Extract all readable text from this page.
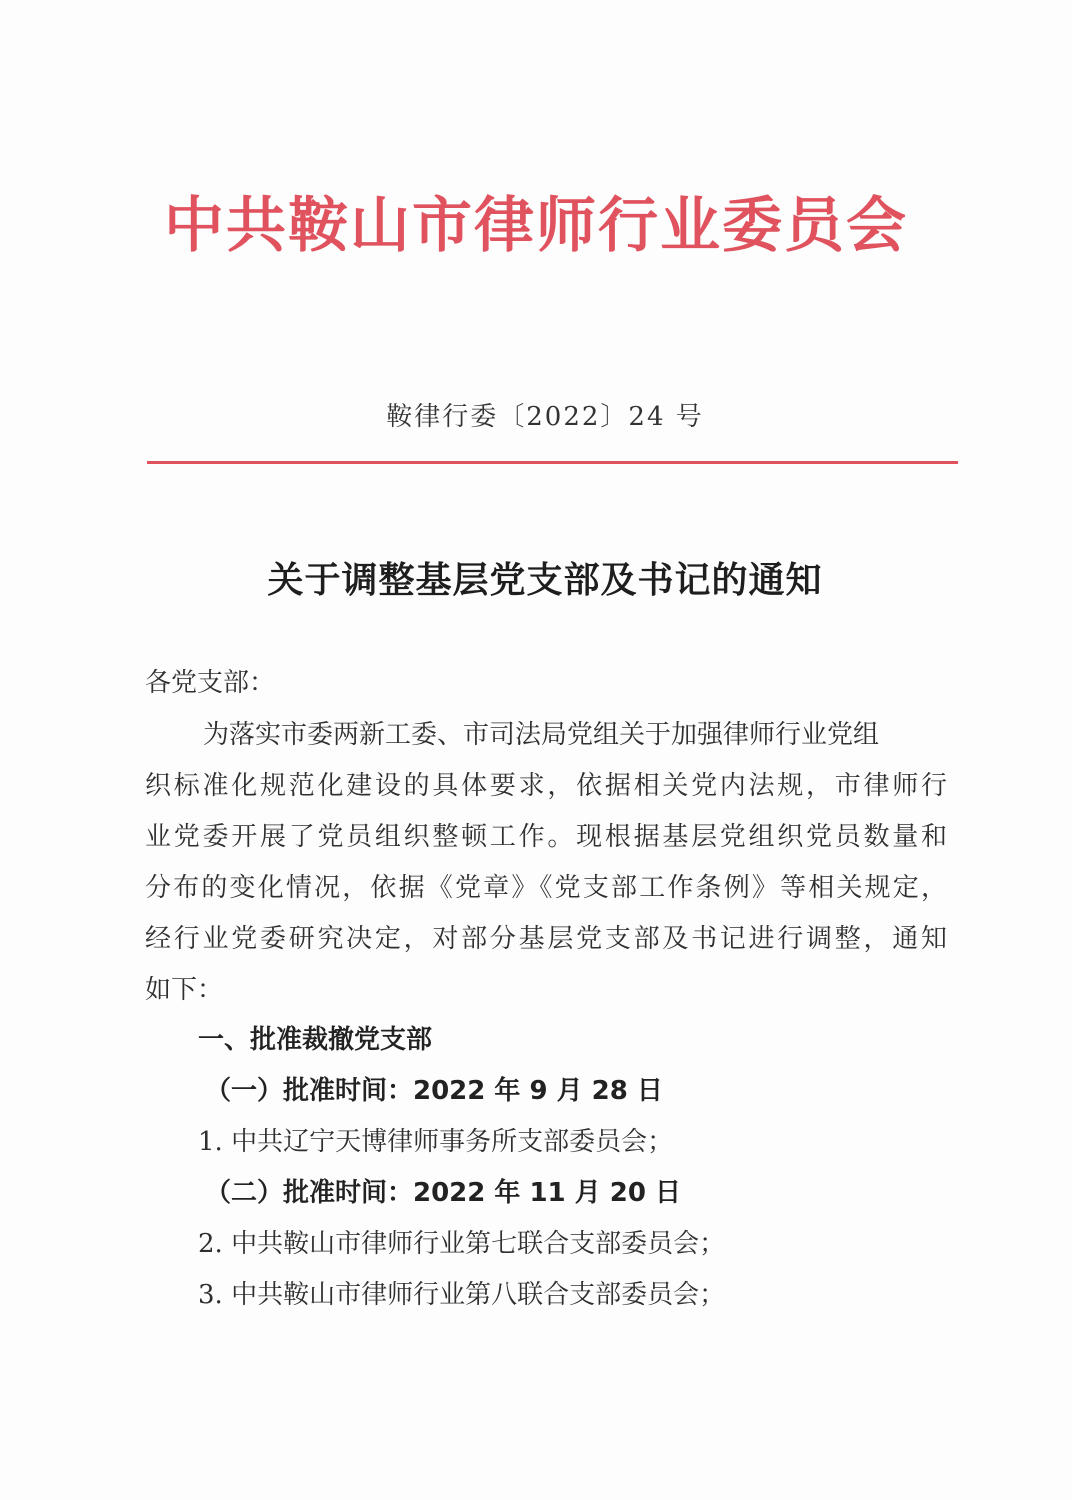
中共鞍山市律师行业委员会
鞍律行委〔2022〕24 号
关于调整基层党支部及书记的通知
各党支部：
为落实市委两新工委、市司法局党组关于加强律师行业党组
织标准化规范化建设的具体要求，依据相关党内法规，市律师行
业党委开展了党员组织整顿工作。现根据基层党组织党员数量和
分布的变化情况，依据《党章》《党支部工作条例》等相关规定，
经行业党委研究决定，对部分基层党支部及书记进行调整，通知
如下：
一、批准裁撤党支部
（一）批准时间：2022 年 9 月 28 日
1. 中共辽宁天博律师事务所支部委员会；
（二）批准时间：2022 年 11 月 20 日
2. 中共鞍山市律师行业第七联合支部委员会；
3. 中共鞍山市律师行业第八联合支部委员会；
